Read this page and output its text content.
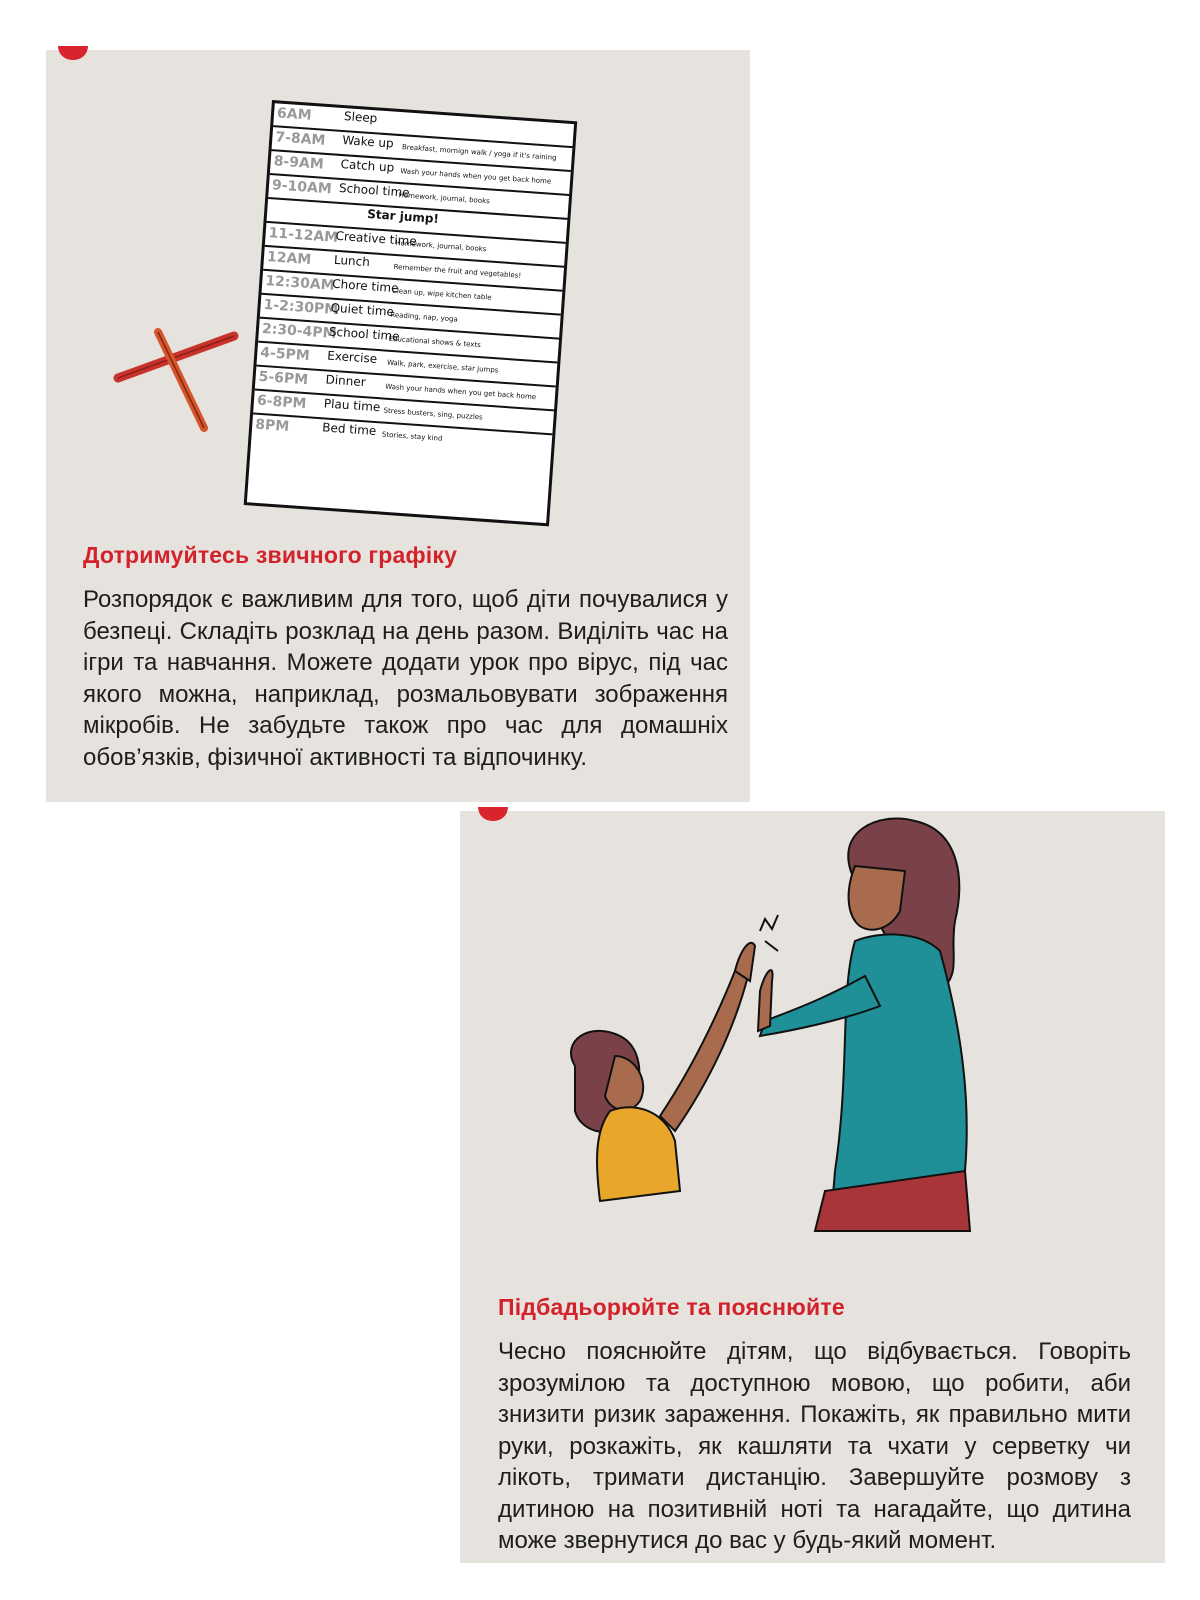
6AM	Sleep
7-8AM Wake up
Breakfast, mornign walk / yoga if it's raining
8-9AM Catch up
Wash your hands when you get back home
9-10AM School time
Homework, journal, books
Star jump!
11-12AM
Creative time
Homework, journal, books
12AM Lunch
Remember the fruit and vegetables!
12:30AM
Chore time
Clean up, wipe kitchen table
1-2:30PM
Quiet time
Reading, nap, yoga
2:30-4PM
School time
Educational shows & texts
4-5PM Exercise
Walk, park, exercise, star jumps
5-6PM Dinner
Wash your hands when you get back home
6-8PM Plau time Stress busters, sing, puzzles
8PM	Bed time Stories, stay kind
Дотримуйтесь звичного графіку
Розпорядок є важливим для того, щоб діти почувалися у безпеці. Складіть розклад на день разом. Виділіть час на ігри та навчання. Можете додати урок про вірус, під час якого можна, наприклад, розмальовувати зображення мікробів. Не забудьте також про час для домашніх обов’язків, фізичної активності та відпочинку.
Підбадьорюйте та пояснюйте
Чесно пояснюйте дітям, що відбувається. Говоріть зрозумілою та доступною мовою, що робити, аби знизити ризик зараження. Покажіть, як правильно мити руки, розкажіть, як кашляти та чхати у серветку чи лікоть, тримати дистанцію. Завершуйте розмову з дитиною на позитивній ноті та нагадайте, що дитина може звернутися до вас у будь-який момент.
